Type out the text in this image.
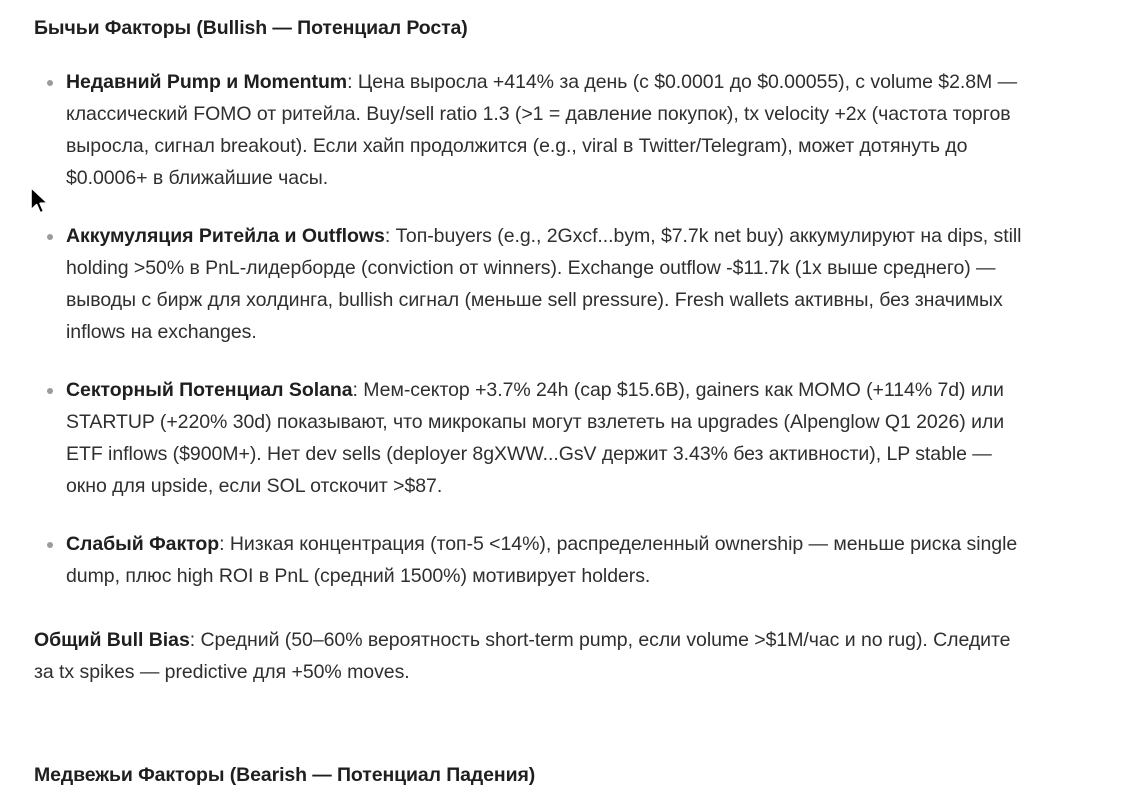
Бычьи Факторы (Bullish — Потенциал Роста)
Недавний Pump и Momentum: Цена выросла +414% за день (с $0.0001 до $0.00055), с volume $2.8M — классический FOMO от ритейла. Buy/sell ratio 1.3 (>1 = давление покупок), tx velocity +2x (частота торгов выросла, сигнал breakout). Если хайп продолжится (e.g., viral в Twitter/Telegram), может дотянуть до $0.0006+ в ближайшие часы.
Аккумуляция Ритейла и Outflows: Топ-buyers (e.g., 2Gxcf...bym, $7.7k net buy) аккумулируют на dips, still holding >50% в PnL-лидерборде (conviction от winners). Exchange outflow -$11.7k (1x выше среднего) — выводы с бирж для холдинга, bullish сигнал (меньше sell pressure). Fresh wallets активны, без значимых inflows на exchanges.
Секторный Потенциал Solana: Мем-сектор +3.7% 24h (cap $15.6B), gainers как MOMO (+114% 7d) или STARTUP (+220% 30d) показывают, что микрокапы могут взлететь на upgrades (Alpenglow Q1 2026) или ETF inflows ($900M+). Нет dev sells (deployer 8gXWW...GsV держит 3.43% без активности), LP stable — окно для upside, если SOL отскочит >$87.
Слабый Фактор: Низкая концентрация (топ-5 <14%), распределенный ownership — меньше риска single dump, плюс high ROI в PnL (средний 1500%) мотивирует holders.

Общий Bull Bias: Средний (50–60% вероятность short-term pump, если volume >$1M/час и no rug). Следите за tx spikes — predictive для +50% moves.

Медвежьи Факторы (Bearish — Потенциал Падения)
